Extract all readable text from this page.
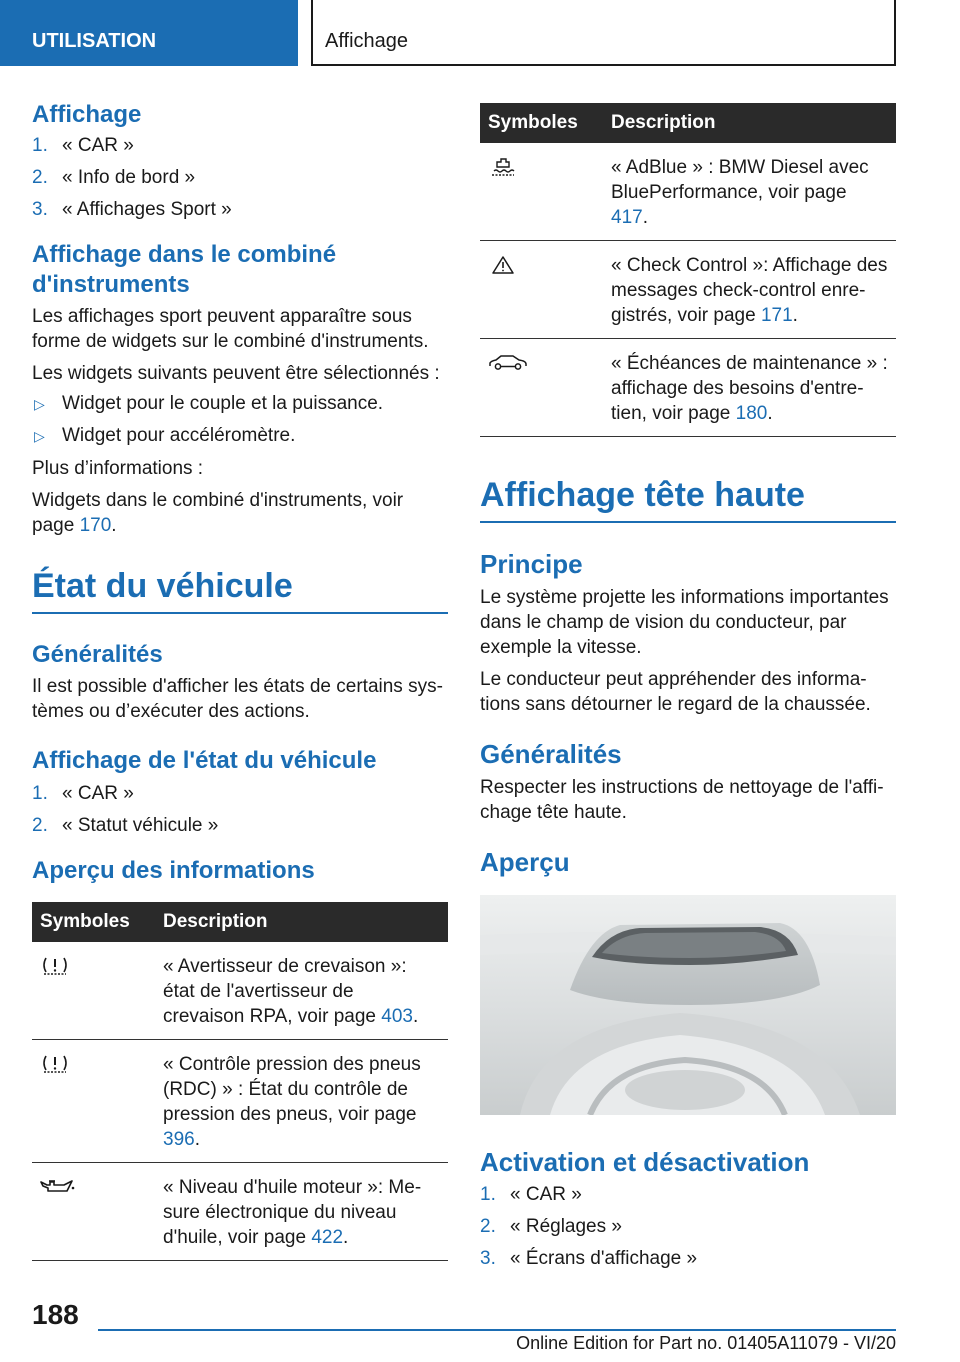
UTILISATION	Affichage
Affichage
1. « CAR »
2. « Info de bord »
3. « Affichages Sport »
Affichage dans le combiné d'instruments

Les affichages sport peuvent apparaître sous forme de widgets sur le combiné d'instruments.

Les widgets suivants peuvent être sélectionnés :

▷ Widget pour le couple et la puissance.
▷ Widget pour accéléromètre.

Plus d’informations :

Widgets dans le combiné d'instruments, voir page 170.

État du véhicule
Généralités

Il est possible d'afficher les états de certains systèmes ou d’exécuter des actions.

Affichage de l'état du véhicule
1. « CAR »
2. « Statut véhicule »
Aperçu des informations
Symboles	Description
	« Avertisseur de crevaison »: état de l'avertisseur de crevaison RPA, voir page 403.
	« Contrôle pression des pneus (RDC) » : État du contrôle de pression des pneus, voir page 396.
	« Niveau d'huile moteur »: Mesure électronique du niveau d'huile, voir page 422.
Symboles	Description
	« AdBlue » : BMW Diesel avec BluePerformance, voir page 417.
	« Check Control »: Affichage des messages check-control enregistrés, voir page 171.
	« Échéances de maintenance » : affichage des besoins d'entretien, voir page 180.
Affichage tête haute
Principe

Le système projette les informations importantes dans le champ de vision du conducteur, par exemple la vitesse.

Le conducteur peut appréhender des informations sans détourner le regard de la chaussée.

Généralités

Respecter les instructions de nettoyage de l'affichage tête haute.

Aperçu
Activation et désactivation
1. « CAR »
2. « Réglages »
3. « Écrans d'affichage »
188
Online Edition for Part no. 01405A11079 - VI/20
